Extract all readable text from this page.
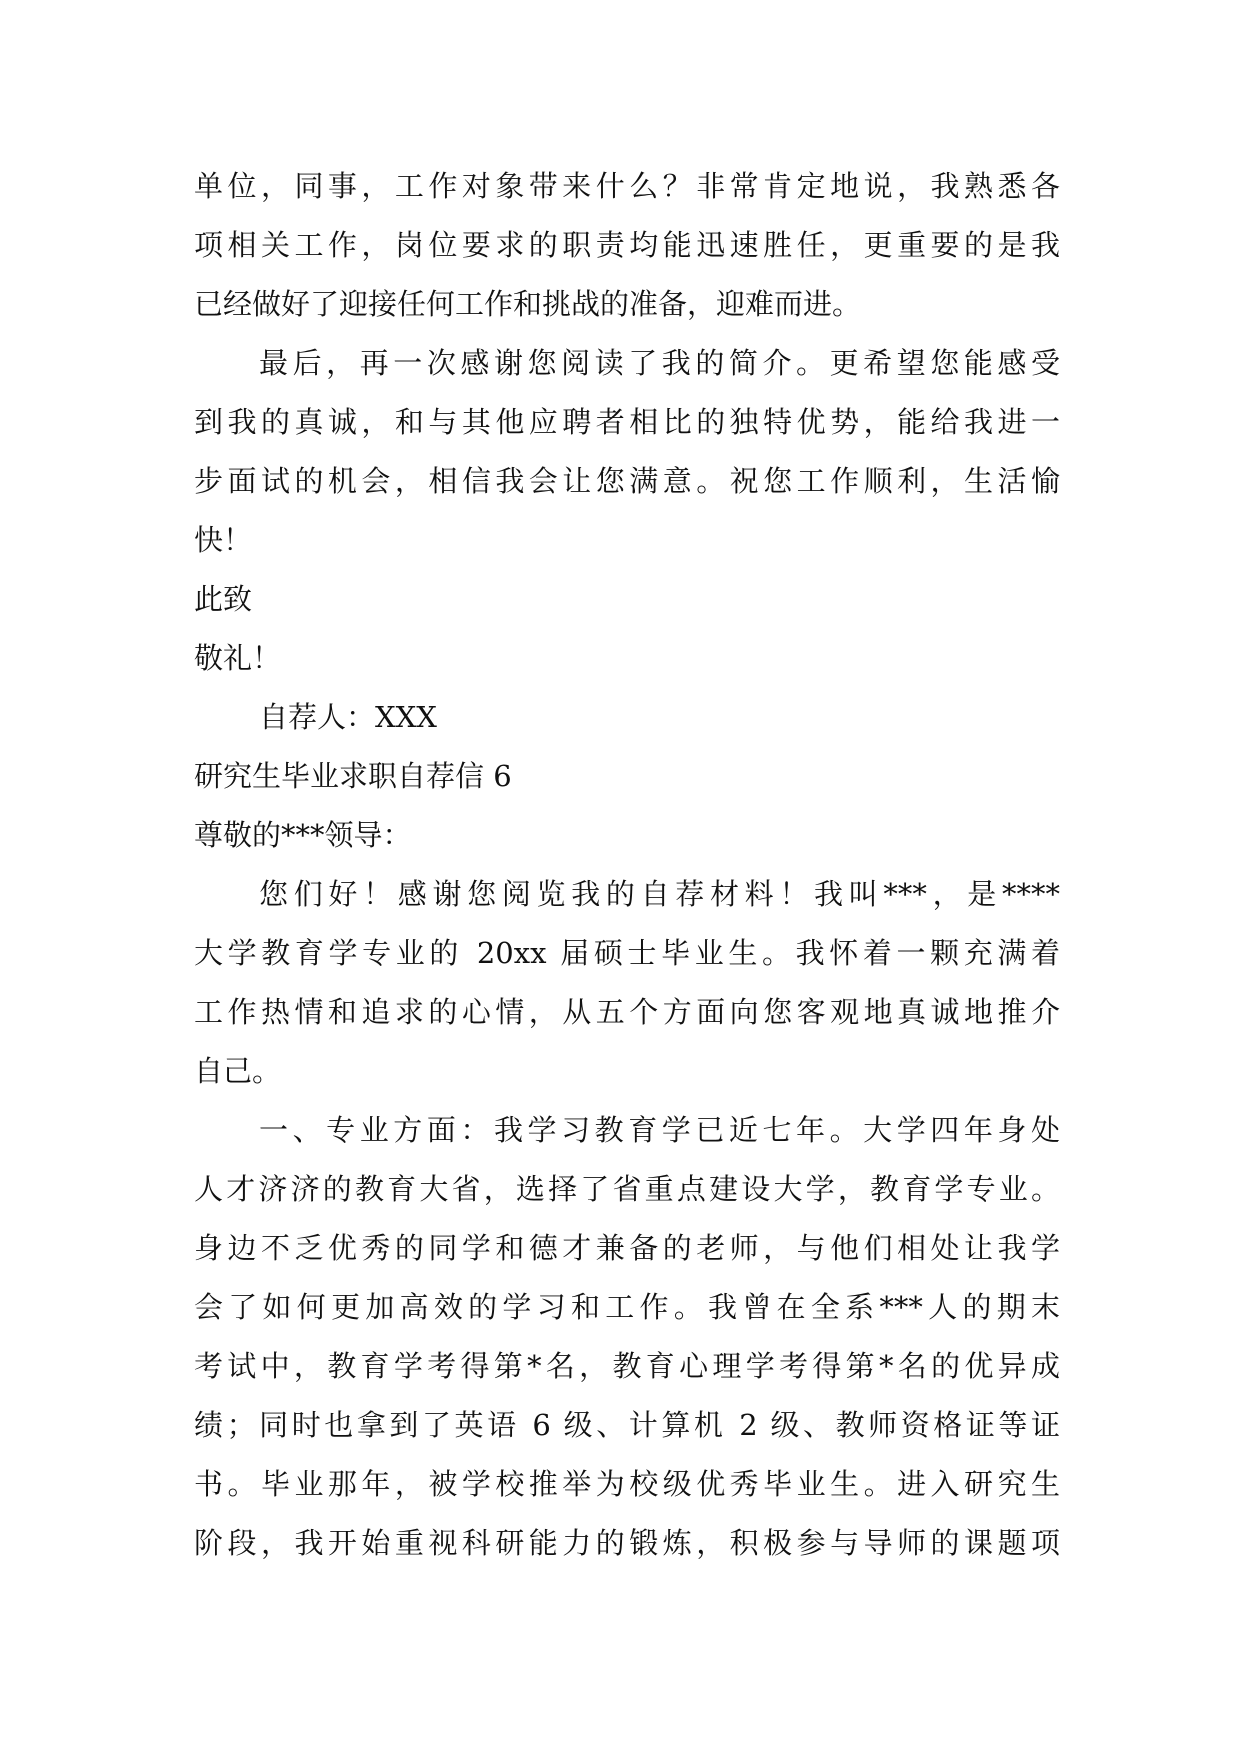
单位，同事，工作对象带来什么？非常肯定地说，我熟悉各
项相关工作，岗位要求的职责均能迅速胜任，更重要的是我
已经做好了迎接任何工作和挑战的准备，迎难而进。
最后，再一次感谢您阅读了我的简介。更希望您能感受
到我的真诚，和与其他应聘者相比的独特优势，能给我进一
步面试的机会，相信我会让您满意。祝您工作顺利，生活愉
快！
此致
敬礼！
自荐人：XXX
研究生毕业求职自荐信 6
尊敬的***领导：
您们好！感谢您阅览我的自荐材料！我叫***，是****
大学教育学专业的 20xx 届硕士毕业生。我怀着一颗充满着
工作热情和追求的心情，从五个方面向您客观地真诚地推介
自己。
一、专业方面：我学习教育学已近七年。大学四年身处
人才济济的教育大省，选择了省重点建设大学，教育学专业。
身边不乏优秀的同学和德才兼备的老师，与他们相处让我学
会了如何更加高效的学习和工作。我曾在全系***人的期末
考试中，教育学考得第*名，教育心理学考得第*名的优异成
绩；同时也拿到了英语 6 级、计算机 2 级、教师资格证等证
书。毕业那年，被学校推举为校级优秀毕业生。进入研究生
阶段，我开始重视科研能力的锻炼，积极参与导师的课题项
